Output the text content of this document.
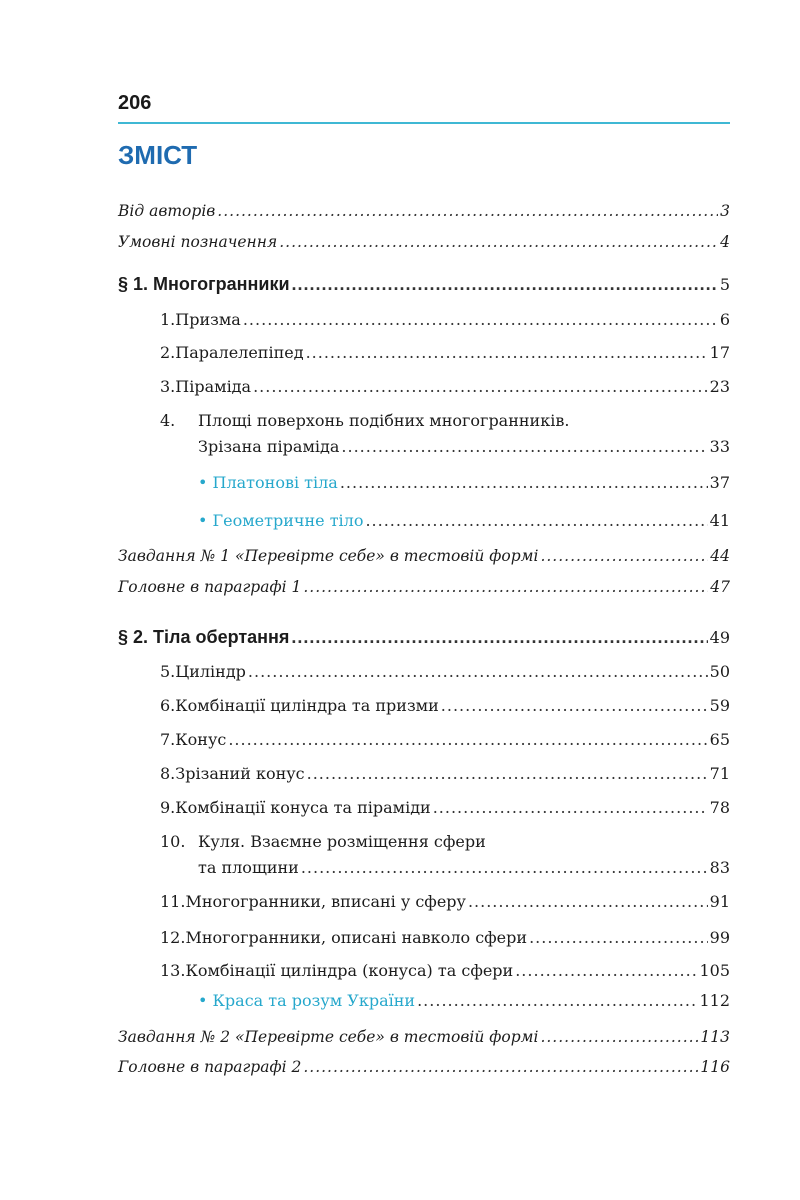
206
ЗМІСТ
Від авторів .....	3
Умовні позначення .....	4
§ 1. Многогранники .....	5
1. Призма .....	6
2. Паралелепіпед .....	17
3. Піраміда .....	23
4.	Площі поверхонь подібних многогранників.
Зрізана піраміда .....	33
• Платонові тіла .....	37
• Геометричне тіло .....	41
Завдання № 1 «Перевірте себе» в тестовій формі .....	44
Головне в параграфі 1 .....	47
§ 2. Тіла обертання .....	49
5. Циліндр .....	50
6. Комбінації циліндра та призми .....	59
7. Конус .....	65
8. Зрізаний конус .....	71
9. Комбінації конуса та піраміди .....	78
10. Куля. Взаємне розміщення сфери
та площини .....	83
11. Многогранники, вписані у сферу .....	91
12. Многогранники, описані навколо сфери .....	99
13. Комбінації циліндра (конуса) та сфери .....	105
• Краса та розум України .....	112
Завдання № 2 «Перевірте себе» в тестовій формі .....	113
Головне в параграфі 2 .....	116
